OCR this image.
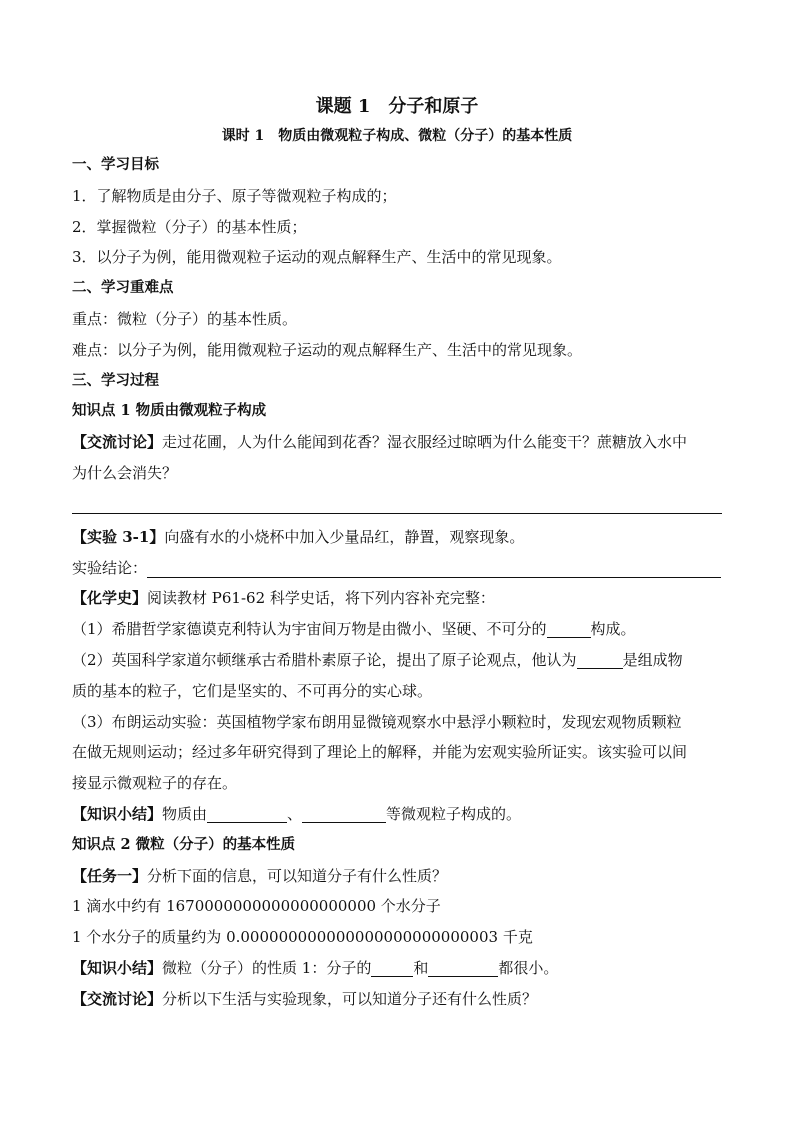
课题 1　分子和原子
课时 1　物质由微观粒子构成、微粒（分子）的基本性质
一、学习目标
1．了解物质是由分子、原子等微观粒子构成的；
2．掌握微粒（分子）的基本性质；
3．以分子为例，能用微观粒子运动的观点解释生产、生活中的常见现象。
二、学习重难点
重点：微粒（分子）的基本性质。
难点：以分子为例，能用微观粒子运动的观点解释生产、生活中的常见现象。
三、学习过程
知识点 1 物质由微观粒子构成
【交流讨论】走过花圃，人为什么能闻到花香？湿衣服经过晾晒为什么能变干？蔗糖放入水中
为什么会消失？
【实验 3-1】向盛有水的小烧杯中加入少量品红，静置，观察现象。
实验结论：
【化学史】阅读教材 P61-62 科学史话，将下列内容补充完整：
（1）希腊哲学家德谟克利特认为宇宙间万物是由微小、坚硬、不可分的	构成。
（2）英国科学家道尔顿继承古希腊朴素原子论，提出了原子论观点，他认为	是组成物
质的基本的粒子，它们是坚实的、不可再分的实心球。
（3）布朗运动实验：英国植物学家布朗用显微镜观察水中悬浮小颗粒时，发现宏观物质颗粒
在做无规则运动；经过多年研究得到了理论上的解释，并能为宏观实验所证实。该实验可以间
接显示微观粒子的存在。
【知识小结】物质由	、	等微观粒子构成的。
知识点 2 微粒（分子）的基本性质
【任务一】分析下面的信息，可以知道分子有什么性质？
1 滴水中约有 1670000000000000000000 个水分子
1 个水分子的质量约为 0.000000000000000000000000003 千克
【知识小结】微粒（分子）的性质 1：分子的	和	都很小。
【交流讨论】分析以下生活与实验现象，可以知道分子还有什么性质？
